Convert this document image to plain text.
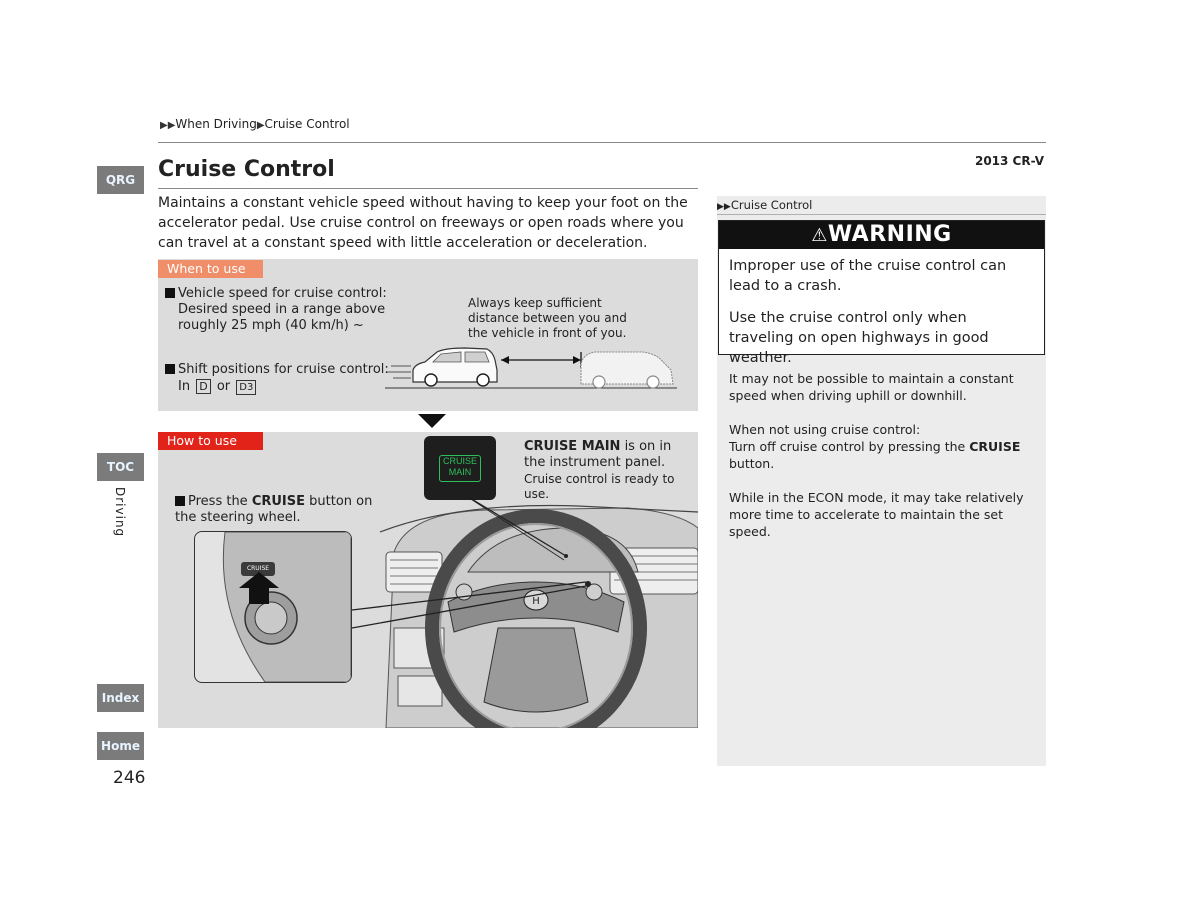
▶▶When Driving▶Cruise Control
2013 CR-V
QRG
TOC
Driving
Index
Home
246
Cruise Control
Maintains a constant vehicle speed without having to keep your foot on the accelerator pedal. Use cruise control on freeways or open roads where you can travel at a constant speed with little acceleration or deceleration.
When to use
Vehicle speed for cruise control:
Desired speed in a range above roughly 25 mph (40 km/h) ~
Always keep sufficient distance between you and the vehicle in front of you.
Shift positions for cruise control:
In D or D3
H
How to use
CRUISE
MAIN
CRUISE MAIN is on in the instrument panel.
Cruise control is ready to use.
Press the CRUISE button on the steering wheel.
CRUISE
▶▶Cruise Control
⚠WARNING
Improper use of the cruise control can lead to a crash.
Use the cruise control only when traveling on open highways in good weather.
It may not be possible to maintain a constant speed when driving uphill or downhill.
When not using cruise control:
Turn off cruise control by pressing the CRUISE button.
While in the ECON mode, it may take relatively more time to accelerate to maintain the set speed.
